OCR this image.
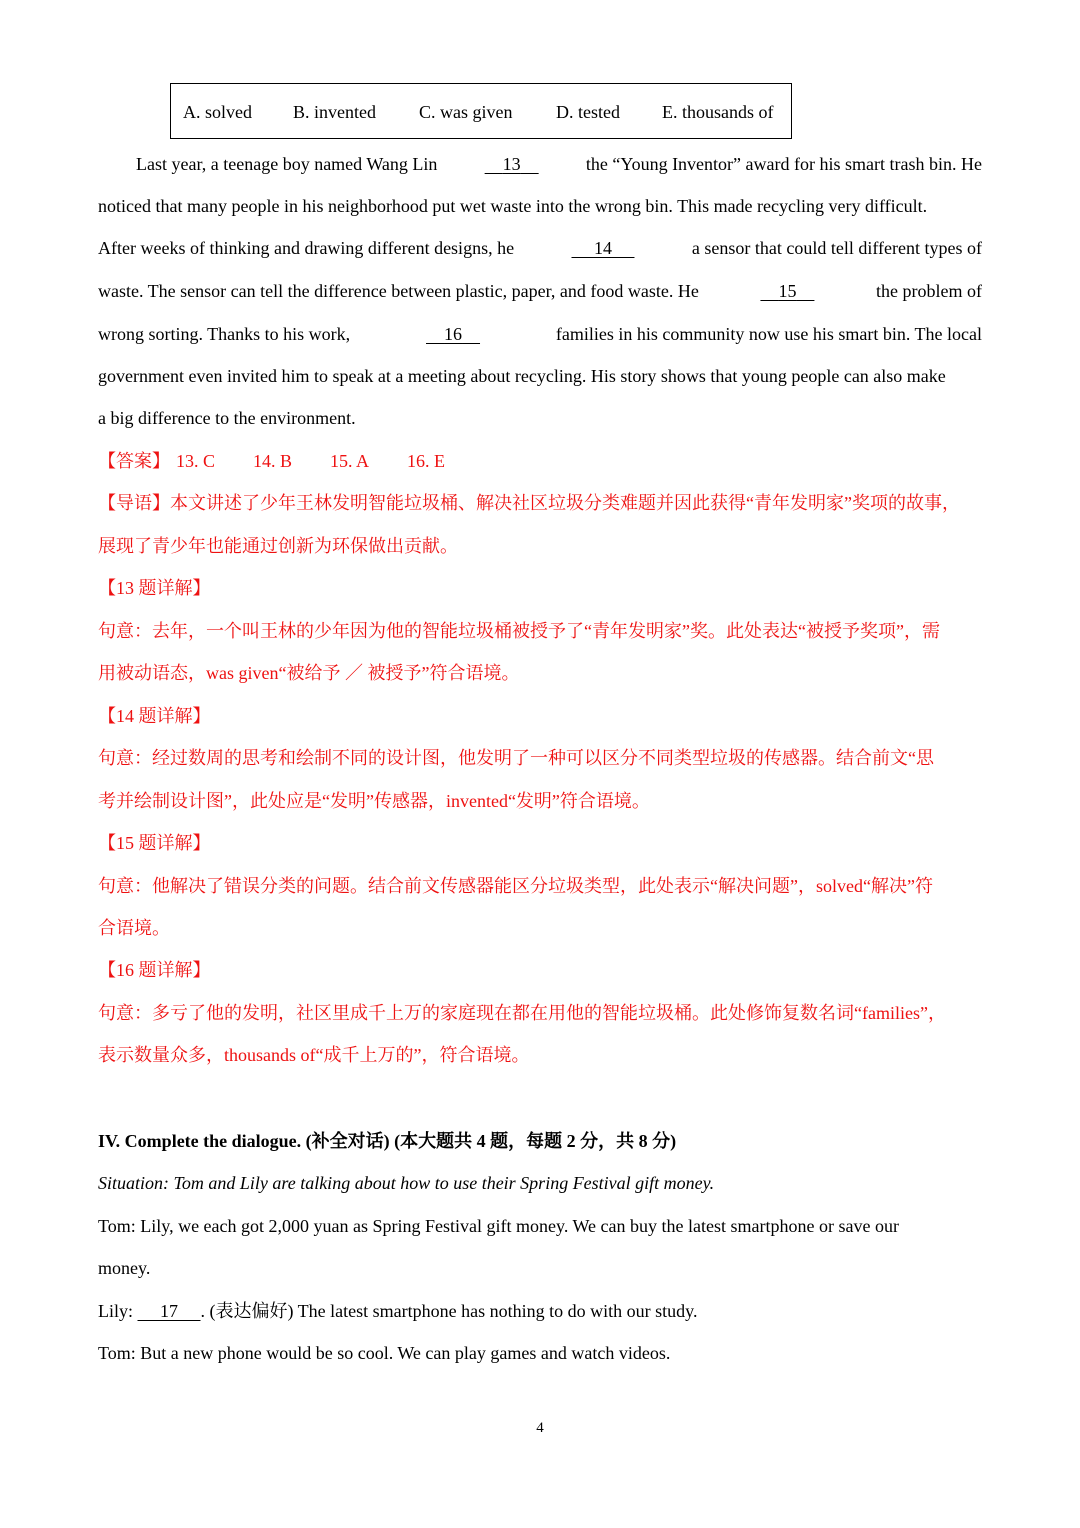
A. solved B. invented C. was given D. tested E. thousands of
Last year, a teenage boy named Wang Lin	13	the “Young Inventor” award for his smart trash bin. He
noticed that many people in his neighborhood put wet waste into the wrong bin. This made recycling very difficult.
After weeks of thinking and drawing different designs, he	14	a sensor that could tell different types of
waste. The sensor can tell the difference between plastic, paper, and food waste. He	15	the problem of
wrong sorting. Thanks to his work,	16	families in his community now use his smart bin. The local
government even invited him to speak at a meeting about recycling. His story shows that young people can also make
a big difference to the environment.
【答案】 13. C 14. B 15. A 16. E
【导语】本文讲述了少年王林发明智能垃圾桶、解决社区垃圾分类难题并因此获得“青年发明家”奖项的故事，
展现了青少年也能通过创新为环保做出贡献。
【13 题详解】
句意：去年，一个叫王林的少年因为他的智能垃圾桶被授予了“青年发明家”奖。此处表达“被授予奖项”，需
用被动语态，was given“被给予 ／ 被授予”符合语境。
【14 题详解】
句意：经过数周的思考和绘制不同的设计图，他发明了一种可以区分不同类型垃圾的传感器。结合前文“思
考并绘制设计图”，此处应是“发明”传感器，invented“发明”符合语境。
【15 题详解】
句意：他解决了错误分类的问题。结合前文传感器能区分垃圾类型，此处表示“解决问题”，solved“解决”符
合语境。
【16 题详解】
句意：多亏了他的发明，社区里成千上万的家庭现在都在用他的智能垃圾桶。此处修饰复数名词“families”，
表示数量众多，thousands of“成千上万的”，符合语境。
IV. Complete the dialogue. (补全对话) (本大题共 4 题，每题 2 分，共 8 分)
Situation: Tom and Lily are talking about how to use their Spring Festival gift money.
Tom: Lily, we each got 2,000 yuan as Spring Festival gift money. We can buy the latest smartphone or save our
money.
Lily:      17 . (表达偏好) The latest smartphone has nothing to do with our study.
Tom: But a new phone would be so cool. We can play games and watch videos.
4
